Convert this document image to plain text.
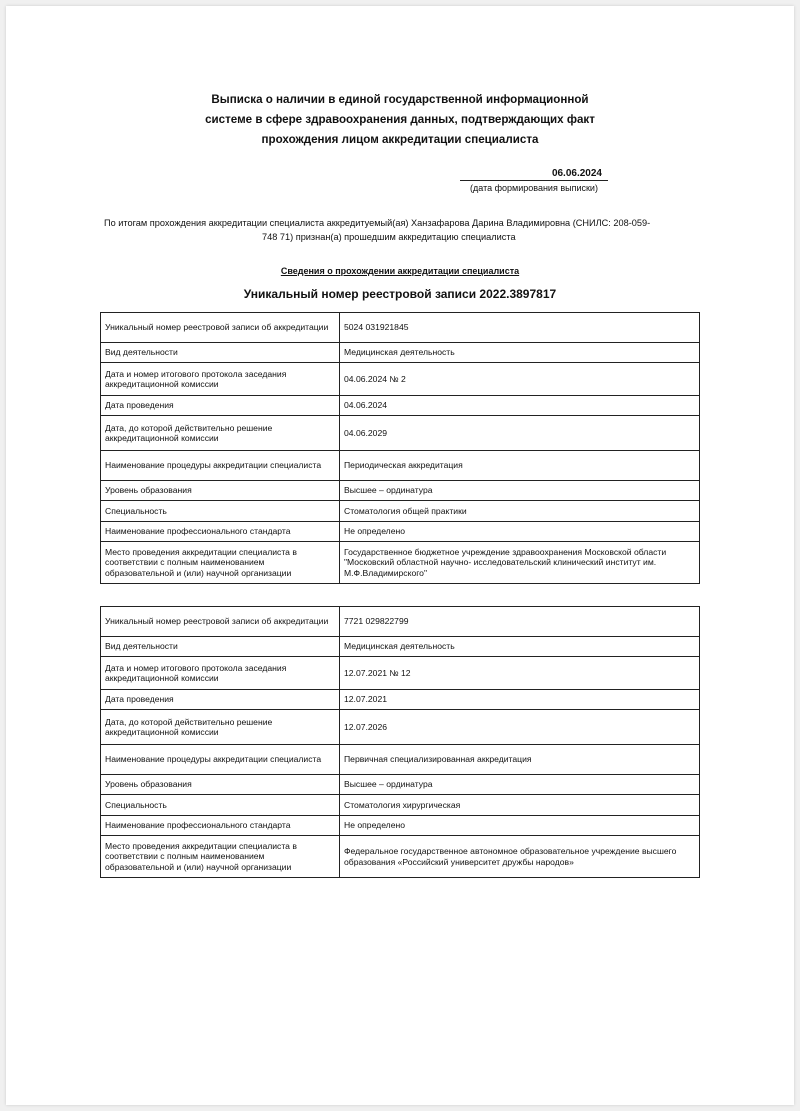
Выписка о наличии в единой государственной информационной
системе в сфере здравоохранения данных, подтверждающих факт
прохождения лицом аккредитации специалиста
06.06.2024
(дата формирования выписки)
По итогам прохождения аккредитации специалиста аккредитуемый(ая) Ханзафарова Дарина Владимировна (СНИЛС: 208-059-
748 71) признан(а) прошедшим аккредитацию специалиста
Сведения о прохождении аккредитации специалиста
Уникальный номер реестровой записи 2022.3897817
Уникальный номер реестровой записи об аккредитации	5024 031921845
Вид деятельности	Медицинская деятельность
Дата и номер итогового протокола заседания аккредитационной комиссии	04.06.2024 № 2
Дата проведения	04.06.2024
Дата, до которой действительно решение аккредитационной комиссии	04.06.2029
Наименование процедуры аккредитации специалиста	Периодическая аккредитация
Уровень образования	Высшее – ординатура
Специальность	Стоматология общей практики
Наименование профессионального стандарта	Не определено
Место проведения аккредитации специалиста в соответствии с полным наименованием образовательной и (или) научной организации	Государственное бюджетное учреждение здравоохранения Московской области "Московский областной научно- исследовательский клинический институт им. М.Ф.Владимирского"
Уникальный номер реестровой записи об аккредитации	7721 029822799
Вид деятельности	Медицинская деятельность
Дата и номер итогового протокола заседания аккредитационной комиссии	12.07.2021 № 12
Дата проведения	12.07.2021
Дата, до которой действительно решение аккредитационной комиссии	12.07.2026
Наименование процедуры аккредитации специалиста	Первичная специализированная аккредитация
Уровень образования	Высшее – ординатура
Специальность	Стоматология хирургическая
Наименование профессионального стандарта	Не определено
Место проведения аккредитации специалиста в соответствии с полным наименованием образовательной и (или) научной организации	Федеральное государственное автономное образовательное учреждение высшего образования «Российский университет дружбы народов»
